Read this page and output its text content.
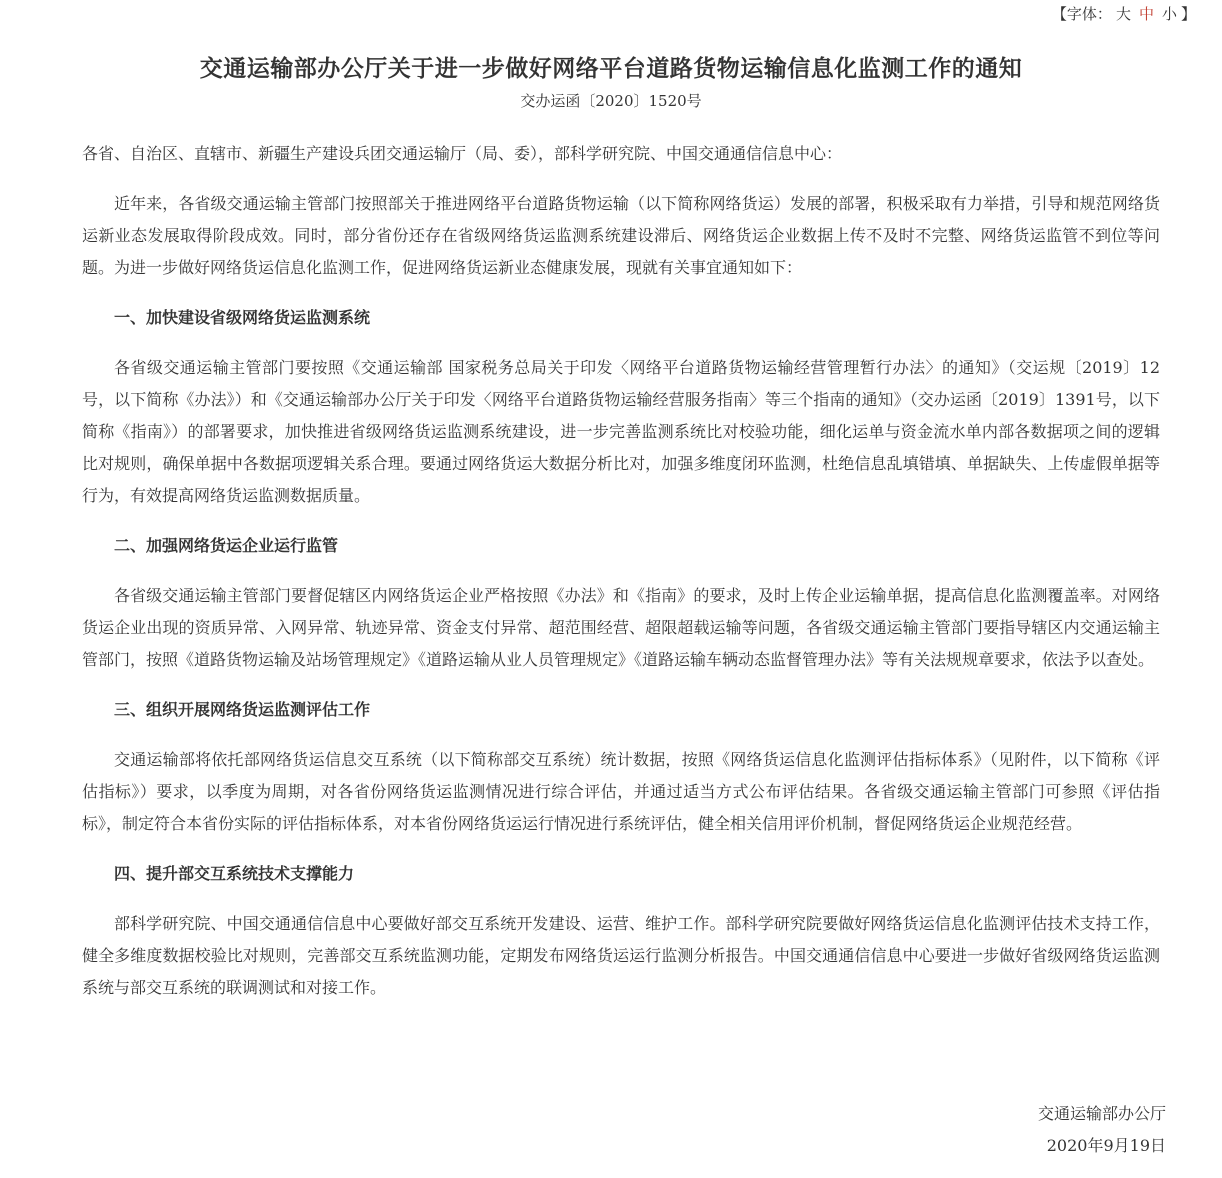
【字体： 大 中 小 】
交通运输部办公厅关于进一步做好网络平台道路货物运输信息化监测工作的通知
交办运函〔2020〕1520号

各省、自治区、直辖市、新疆生产建设兵团交通运输厅（局、委），部科学研究院、中国交通通信信息中心：

近年来，各省级交通运输主管部门按照部关于推进网络平台道路货物运输（以下简称网络货运）发展的部署，积极采取有力举措，引导和规范网络货运新业态发展取得阶段成效。同时，部分省份还存在省级网络货运监测系统建设滞后、网络货运企业数据上传不及时不完整、网络货运监管不到位等问题。为进一步做好网络货运信息化监测工作，促进网络货运新业态健康发展，现就有关事宜通知如下：

一、加快建设省级网络货运监测系统

各省级交通运输主管部门要按照《交通运输部 国家税务总局关于印发〈网络平台道路货物运输经营管理暂行办法〉的通知》（交运规〔2019〕12号，以下简称《办法》）和《交通运输部办公厅关于印发〈网络平台道路货物运输经营服务指南〉等三个指南的通知》（交办运函〔2019〕1391号，以下简称《指南》）的部署要求，加快推进省级网络货运监测系统建设，进一步完善监测系统比对校验功能，细化运单与资金流水单内部各数据项之间的逻辑比对规则，确保单据中各数据项逻辑关系合理。要通过网络货运大数据分析比对，加强多维度闭环监测，杜绝信息乱填错填、单据缺失、上传虚假单据等行为，有效提高网络货运监测数据质量。

二、加强网络货运企业运行监管

各省级交通运输主管部门要督促辖区内网络货运企业严格按照《办法》和《指南》的要求，及时上传企业运输单据，提高信息化监测覆盖率。对网络货运企业出现的资质异常、入网异常、轨迹异常、资金支付异常、超范围经营、超限超载运输等问题，各省级交通运输主管部门要指导辖区内交通运输主管部门，按照《道路货物运输及站场管理规定》《道路运输从业人员管理规定》《道路运输车辆动态监督管理办法》等有关法规规章要求，依法予以查处。

三、组织开展网络货运监测评估工作

交通运输部将依托部网络货运信息交互系统（以下简称部交互系统）统计数据，按照《网络货运信息化监测评估指标体系》（见附件，以下简称《评估指标》）要求，以季度为周期，对各省份网络货运监测情况进行综合评估，并通过适当方式公布评估结果。各省级交通运输主管部门可参照《评估指标》，制定符合本省份实际的评估指标体系，对本省份网络货运运行情况进行系统评估，健全相关信用评价机制，督促网络货运企业规范经营。

四、提升部交互系统技术支撑能力

部科学研究院、中国交通通信信息中心要做好部交互系统开发建设、运营、维护工作。部科学研究院要做好网络货运信息化监测评估技术支持工作，健全多维度数据校验比对规则，完善部交互系统监测功能，定期发布网络货运运行监测分析报告。中国交通通信信息中心要进一步做好省级网络货运监测系统与部交互系统的联调测试和对接工作。

交通运输部办公厅
2020年9月19日
